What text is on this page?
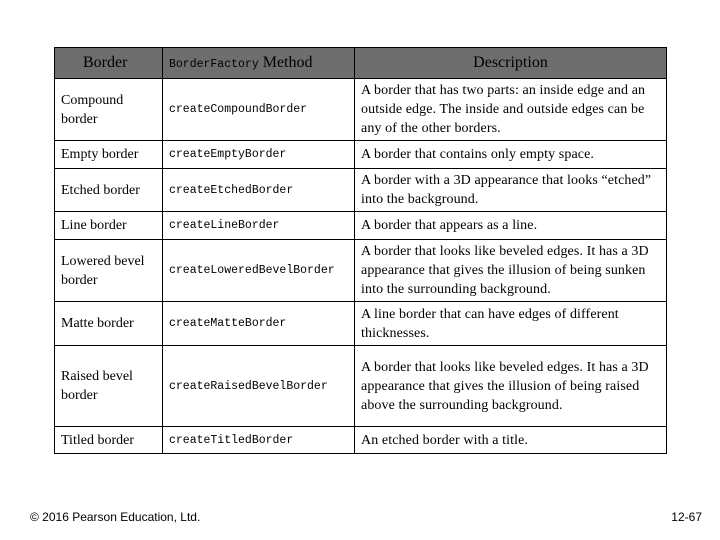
Border	BorderFactory Method	Description
Compound border	createCompoundBorder	A border that has two parts: an inside edge and an outside edge. The inside and outside edges can be any of the other borders.
Empty border	createEmptyBorder	A border that contains only empty space.
Etched border	createEtchedBorder	A border with a 3D appearance that looks “etched” into the background.
Line border	createLineBorder	A border that appears as a line.
Lowered bevel border	createLoweredBevelBorder	A border that looks like beveled edges. It has a 3D appearance that gives the illusion of being sunken into the surrounding background.
Matte border	createMatteBorder	A line border that can have edges of different thicknesses.
Raised bevel border	createRaisedBevelBorder	A border that looks like beveled edges. It has a 3D appearance that gives the illusion of being raised above the surrounding background.
Titled border	createTitledBorder	An etched border with a title.
© 2016 Pearson Education, Ltd.	12-67
